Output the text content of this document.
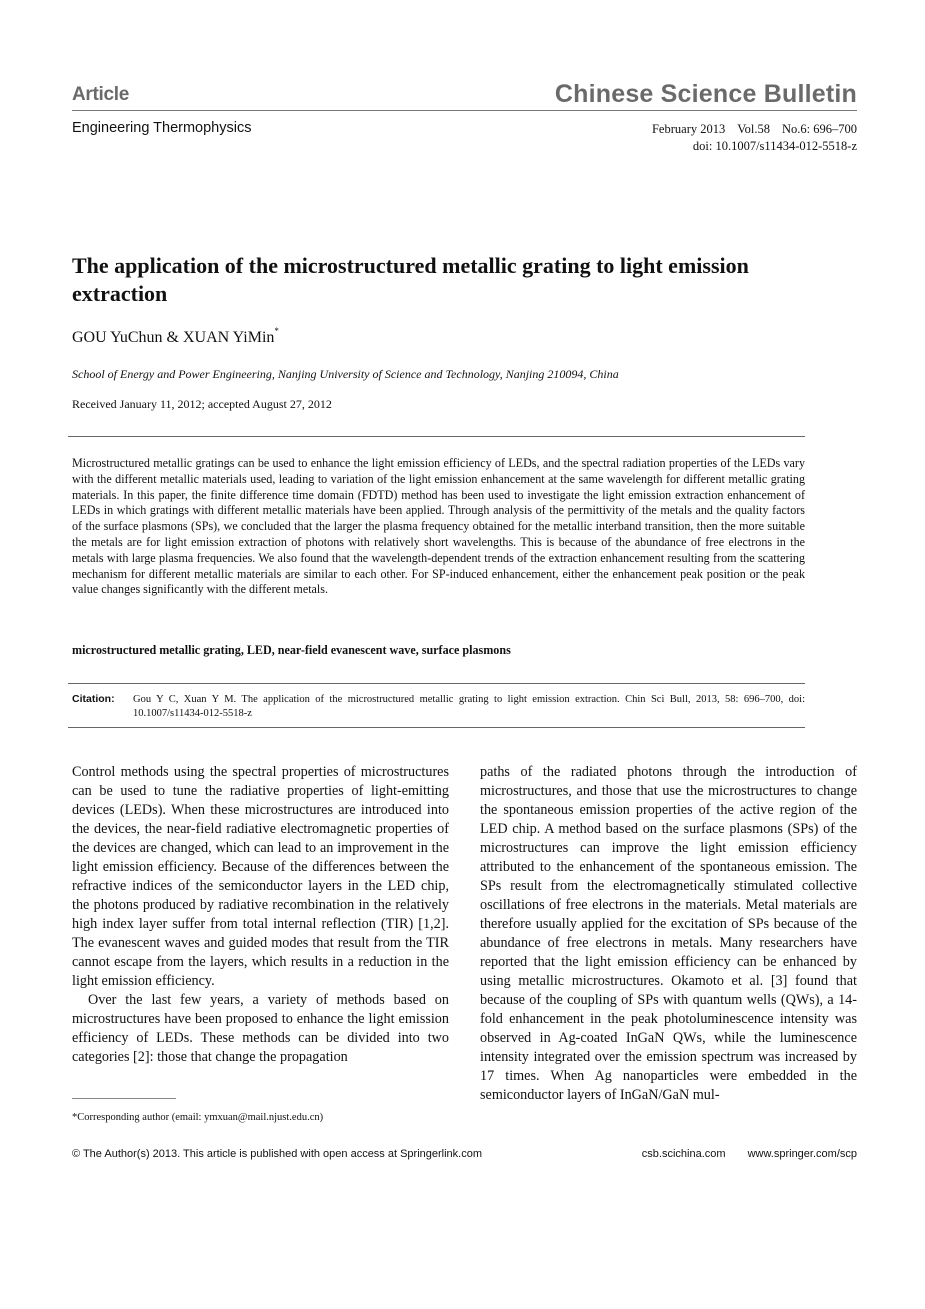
Article	Chinese Science Bulletin
Engineering Thermophysics	February 2013 Vol.58 No.6: 696‒700
doi: 10.1007/s11434-012-5518-z
The application of the microstructured metallic grating to light emission extraction
GOU YuChun & XUAN YiMin*
School of Energy and Power Engineering, Nanjing University of Science and Technology, Nanjing 210094, China
Received January 11, 2012; accepted August 27, 2012
Microstructured metallic gratings can be used to enhance the light emission efficiency of LEDs, and the spectral radiation properties of the LEDs vary with the different metallic materials used, leading to variation of the light emission enhancement at the same wavelength for different metallic grating materials. In this paper, the finite difference time domain (FDTD) method has been used to investigate the light emission extraction enhancement of LEDs in which gratings with different metallic materials have been applied. Through analysis of the permittivity of the metals and the quality factors of the surface plasmons (SPs), we concluded that the larger the plasma frequency obtained for the metallic interband transition, then the more suitable the metals are for light emission extraction of photons with relatively short wavelengths. This is because of the abundance of free electrons in the metals with large plasma frequencies. We also found that the wavelength-dependent trends of the extraction enhancement resulting from the scattering mechanism for different metallic materials are similar to each other. For SP-induced enhancement, either the enhancement peak position or the peak value changes significantly with the different metals.
microstructured metallic grating, LED, near-field evanescent wave, surface plasmons
Citation: Gou Y C, Xuan Y M. The application of the microstructured metallic grating to light emission extraction. Chin Sci Bull, 2013, 58: 696‒700, doi: 10.1007/s11434-012-5518-z

Control methods using the spectral properties of microstructures can be used to tune the radiative properties of light-emitting devices (LEDs). When these microstructures are introduced into the devices, the near-field radiative electromagnetic properties of the devices are changed, which can lead to an improvement in the light emission efficiency. Because of the differences between the refractive indices of the semiconductor layers in the LED chip, the photons produced by radiative recombination in the relatively high index layer suffer from total internal reflection (TIR) [1,2]. The evanescent waves and guided modes that result from the TIR cannot escape from the layers, which results in a reduction in the light emission efficiency.

Over the last few years, a variety of methods based on microstructures have been proposed to enhance the light emission efficiency of LEDs. These methods can be divided into two categories [2]: those that change the propagation

paths of the radiated photons through the introduction of microstructures, and those that use the microstructures to change the spontaneous emission properties of the active region of the LED chip. A method based on the surface plasmons (SPs) of the microstructures can improve the light emission efficiency attributed to the enhancement of the spontaneous emission. The SPs result from the electromagnetically stimulated collective oscillations of free electrons in the materials. Metal materials are therefore usually applied for the excitation of SPs because of the abundance of free electrons in metals. Many researchers have reported that the light emission efficiency can be enhanced by using metallic microstructures. Okamoto et al. [3] found that because of the coupling of SPs with quantum wells (QWs), a 14-fold enhancement in the peak photoluminescence intensity was observed in Ag-coated InGaN QWs, while the luminescence intensity integrated over the emission spectrum was increased by 17 times. When Ag nanoparticles were embedded in the semiconductor layers of InGaN/GaN mul-

*Corresponding author (email: ymxuan@mail.njust.edu.cn)
© The Author(s) 2013. This article is published with open access at Springerlink.com	csb.scichina.com www.springer.com/scp
